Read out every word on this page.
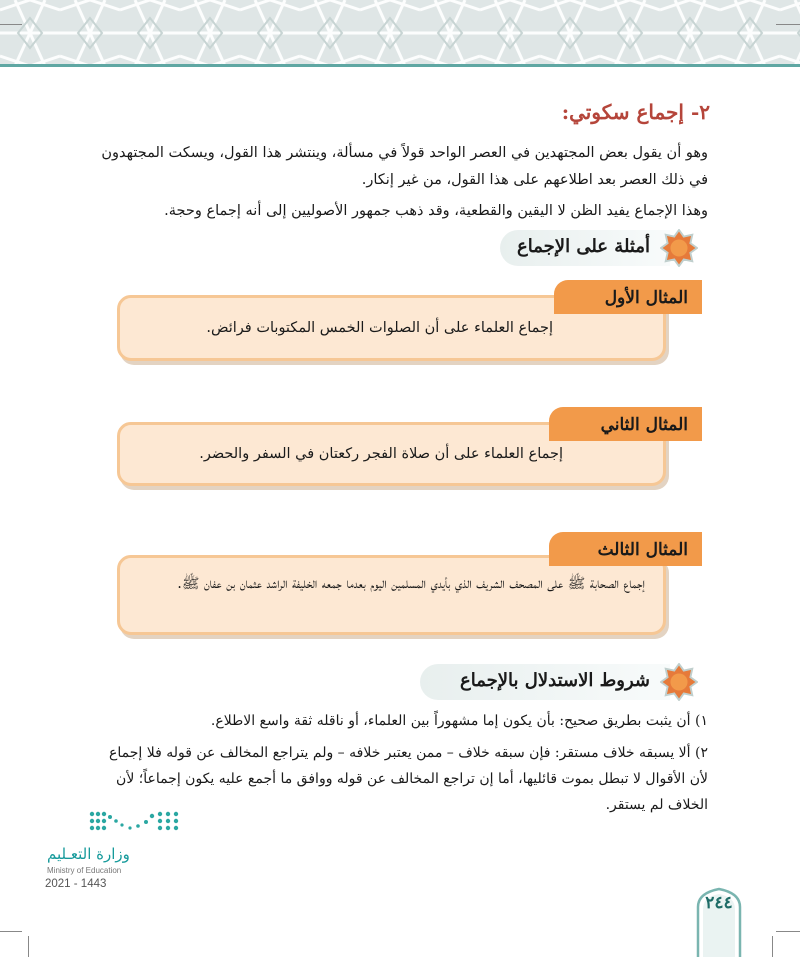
٢- إجماع سكوتي:
وهو أن يقول بعض المجتهدين في العصر الواحد قولاً في مسألة، وينتشر هذا القول، ويسكت المجتهدون في ذلك العصر بعد اطلاعهم على هذا القول، من غير إنكار.
وهذا الإجماع يفيد الظن لا اليقين والقطعية، وقد ذهب جمهور الأصوليين إلى أنه إجماع وحجة.
أمثلة على الإجماع
إجماع العلماء على أن الصلوات الخمس المكتوبات فرائض.
المثال الأول
إجماع العلماء على أن صلاة الفجر ركعتان في السفر والحضر.
المثال الثاني
إجماع الصحابة ﷺ على المصحف الشريف الذي بأيدي المسلمين اليوم بعدما جمعه الخليفة الراشد عثمان بن عفان ﷺ.
المثال الثالث
شروط الاستدلال بالإجماع
١) أن يثبت بطريق صحيح: بأن يكون إما مشهوراً بين العلماء، أو ناقله ثقة واسع الاطلاع.
٢) ألا يسبقه خلاف مستقر: فإن سبقه خلاف – ممن يعتبر خلافه – ولم يتراجع المخالف عن قوله فلا إجماع لأن الأقوال لا تبطل بموت قائليها، أما إن تراجع المخالف عن قوله ووافق ما أجمع عليه يكون إجماعاً؛ لأن الخلاف لم يستقر.
وزارة التعـليم
Ministry of Education
2021 - 1443
٢٤٤
